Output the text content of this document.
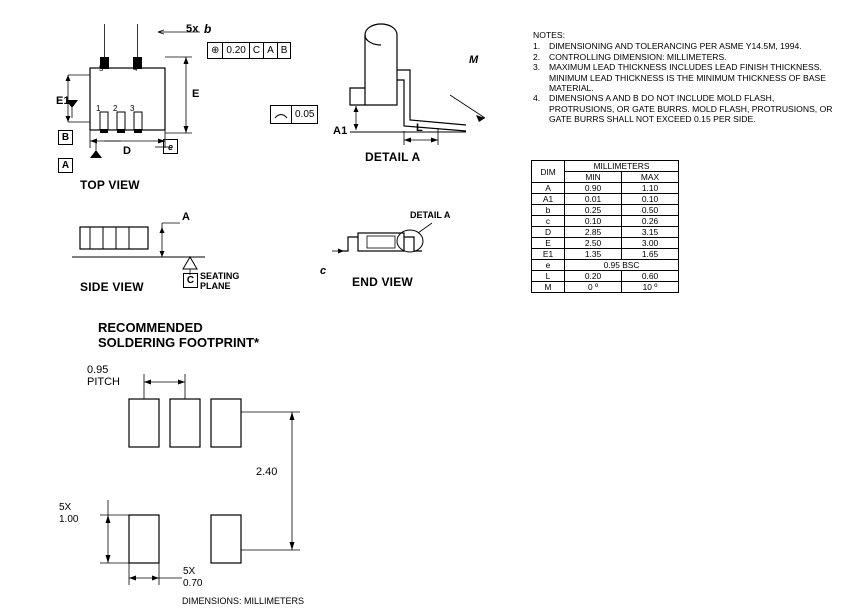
5x b
⊕ 0.20 C A B
E1
E
D
B
A
e
5	4
1 2 3
TOP VIEW
M
A1	L
DETAIL A
0.05
A
C SEATING
PLANE
SIDE VIEW
c
DETAIL A
END VIEW
NOTES:
1.	DIMENSIONING AND TOLERANCING PER ASME Y14.5M, 1994.
2.	CONTROLLING DIMENSION: MILLIMETERS.
3.	MAXIMUM LEAD THICKNESS INCLUDES LEAD FINISH THICKNESS. MINIMUM LEAD THICKNESS IS THE MINIMUM THICKNESS OF BASE MATERIAL.
4.	DIMENSIONS A AND B DO NOT INCLUDE MOLD FLASH, PROTRUSIONS, OR GATE BURRS. MOLD FLASH, PROTRUSIONS, OR GATE BURRS SHALL NOT EXCEED 0.15 PER SIDE.
DIM	MILLIMETERS	
	MIN	MAX
A	0.90	1.10
A1	0.01	0.10
b	0.25	0.50
c	0.10	0.26
D	2.85	3.15
E	2.50	3.00
E1	1.35	1.65
e	0.95 BSC	
L	0.20	0.60
M	0 º	10 º
RECOMMENDED
SOLDERING FOOTPRINT*
0.95
PITCH
2.40
5X
1.00
5X
0.70
DIMENSIONS: MILLIMETERS
